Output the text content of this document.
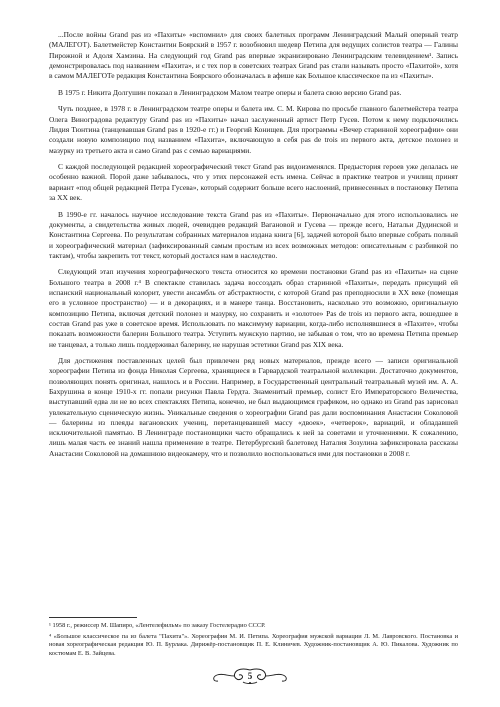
...После войны Grand pas из «Пахиты» «вспомнил» для своих балетных программ Ленинградский Малый оперный театр (МАЛЕГОТ). Балетмейстер Константин Боярский в 1957 г. возобновил шедевр Петипа для ведущих солистов театра — Галины Пирожной и Адоля Хамзина. На следующий год Grand pas впервые экранизировано Ленинградским телевидением¹. Запись демонстрировалась под названием «Пахита», и с тех пор в советских театрах Grand pas стали называть просто «Пахитой», хотя в самом МАЛЕГОТе редакция Константина Боярского обозначалась в афише как Большое классическое па из «Пахиты».

В 1975 г. Никита Долгушин показал в Ленинградском Малом театре оперы и балета свою версию Grand pas.

Чуть позднее, в 1978 г. в Ленинградском театре оперы и балета им. С. М. Кирова по просьбе главного балетмейстера театра Олега Виноградова редактуру Grand pas из «Пахиты» начал заслуженный артист Петр Гусев. Потом к нему подключились Лидия Тюнтина (танцевавшая Grand pas в 1920-е гг.) и Георгий Конищев. Для программы «Вечер старинной хореографии» они создали новую композицию под названием «Пахита», включающую в себя pas de trois из первого акта, детское полонез и мазурку из третьего акта и само Grand pas с семью вариациями.

С каждой последующей редакцией хореографический текст Grand pas видоизменялся. Предыстория героев уже делалась не особенно важной. Порой даже забывалось, что у этих персонажей есть имена. Сейчас в практике театров и училищ принят вариант «под общей редакцией Петра Гусева», который содержит больше всего наслоений, привнесенных в постановку Петипа за XX век.

В 1990-е гг. началось научное исследование текста Grand pas из «Пахиты». Первоначально для этого использовались не документы, а свидетельства живых людей, очевидцев редакций Вагановой и Гусева — прежде всего, Натальи Дудинской и Константина Сергеева. По результатам собранных материалов издана книга [6], задачей которой было впервые собрать полный и хореографический материал (зафиксированный самым простым из всех возможных методов: описательным с разбивкой по тактам), чтобы закрепить тот текст, который достался нам в наследство.

Следующий этап изучения хореографического текста относится ко времени постановки Grand pas из «Пахиты» на сцене Большого театра в 2008 г.⁴ В спектакле ставилась задача воссоздать образ старинной «Пахиты», передать присущий ей испанский национальный колорит, увести ансамбль от абстрактности, с которой Grand pas преподносили в XX веке (помещая его в условное пространство) — и в декорациях, и в манере танца. Восстановить, насколько это возможно, оригинальную композицию Петипа, включая детский полонез и мазурку, но сохранить и «золотое» Pas de trois из первого акта, вошедшее в состав Grand pas уже в советское время. Использовать по максимуму вариации, когда-либо исполнявшиеся в «Пахите», чтобы показать возможности балерин Большого театра. Уступить мужскую партию, не забывая о том, что во времена Петипа премьер не танцевал, а только лишь поддерживал балерину, не нарушая эстетики Grand pas XIX века.

Для достижения поставленных целей был привлечен ряд новых материалов, прежде всего — записи оригинальной хореографии Петипа из фонда Николая Сергеева, хранящиеся в Гарвардской театральной коллекции. Достаточно документов, позволяющих понять оригинал, нашлось и в России. Например, в Государственный центральный театральный музей им. А. А. Бахрушина в конце 1910-х гг. попали рисунки Павла Гердта. Знаменитый премьер, солист Его Императорского Величества, выступавший едва ли не во всех спектаклях Петипа, конечно, не был выдающимся графиком, но однако из Grand pas зарисовал увлекательную сценическую жизнь. Уникальные сведения о хореографии Grand pas дали воспоминания Анастасии Соколовой — балерины из плеяды вагановских учениц, перетанцевавшей массу «двоек», «четверок», вариаций, и обладавшей исключительной памятью. В Ленинграде постановщики часто обращались к ней за советами и уточнениями. К сожалению, лишь малая часть ее знаний нашла применение в театре. Петербургский балетовед Наталия Зозулина зафиксировала рассказы Анастасии Соколовой на домашнюю видеокамеру, что и позволило воспользоваться ими для постановки в 2008 г.

¹ 1958 г., режиссер М. Шапиро, «Лентелефильм» по заказу Гостелерадио СССР.

⁴ «Большое классическое па из балета "Пахита"». Хореография М. И. Петипа. Хореография мужской вариации Л. М. Лавровского. Постановка и новая хореографическая редакция Ю. П. Бурлака. Дирижёр-постановщик П. Е. Клиничев. Художник-постановщик А. Ю. Пикалова. Художник по костюмам Е. В. Зайцева.

5
